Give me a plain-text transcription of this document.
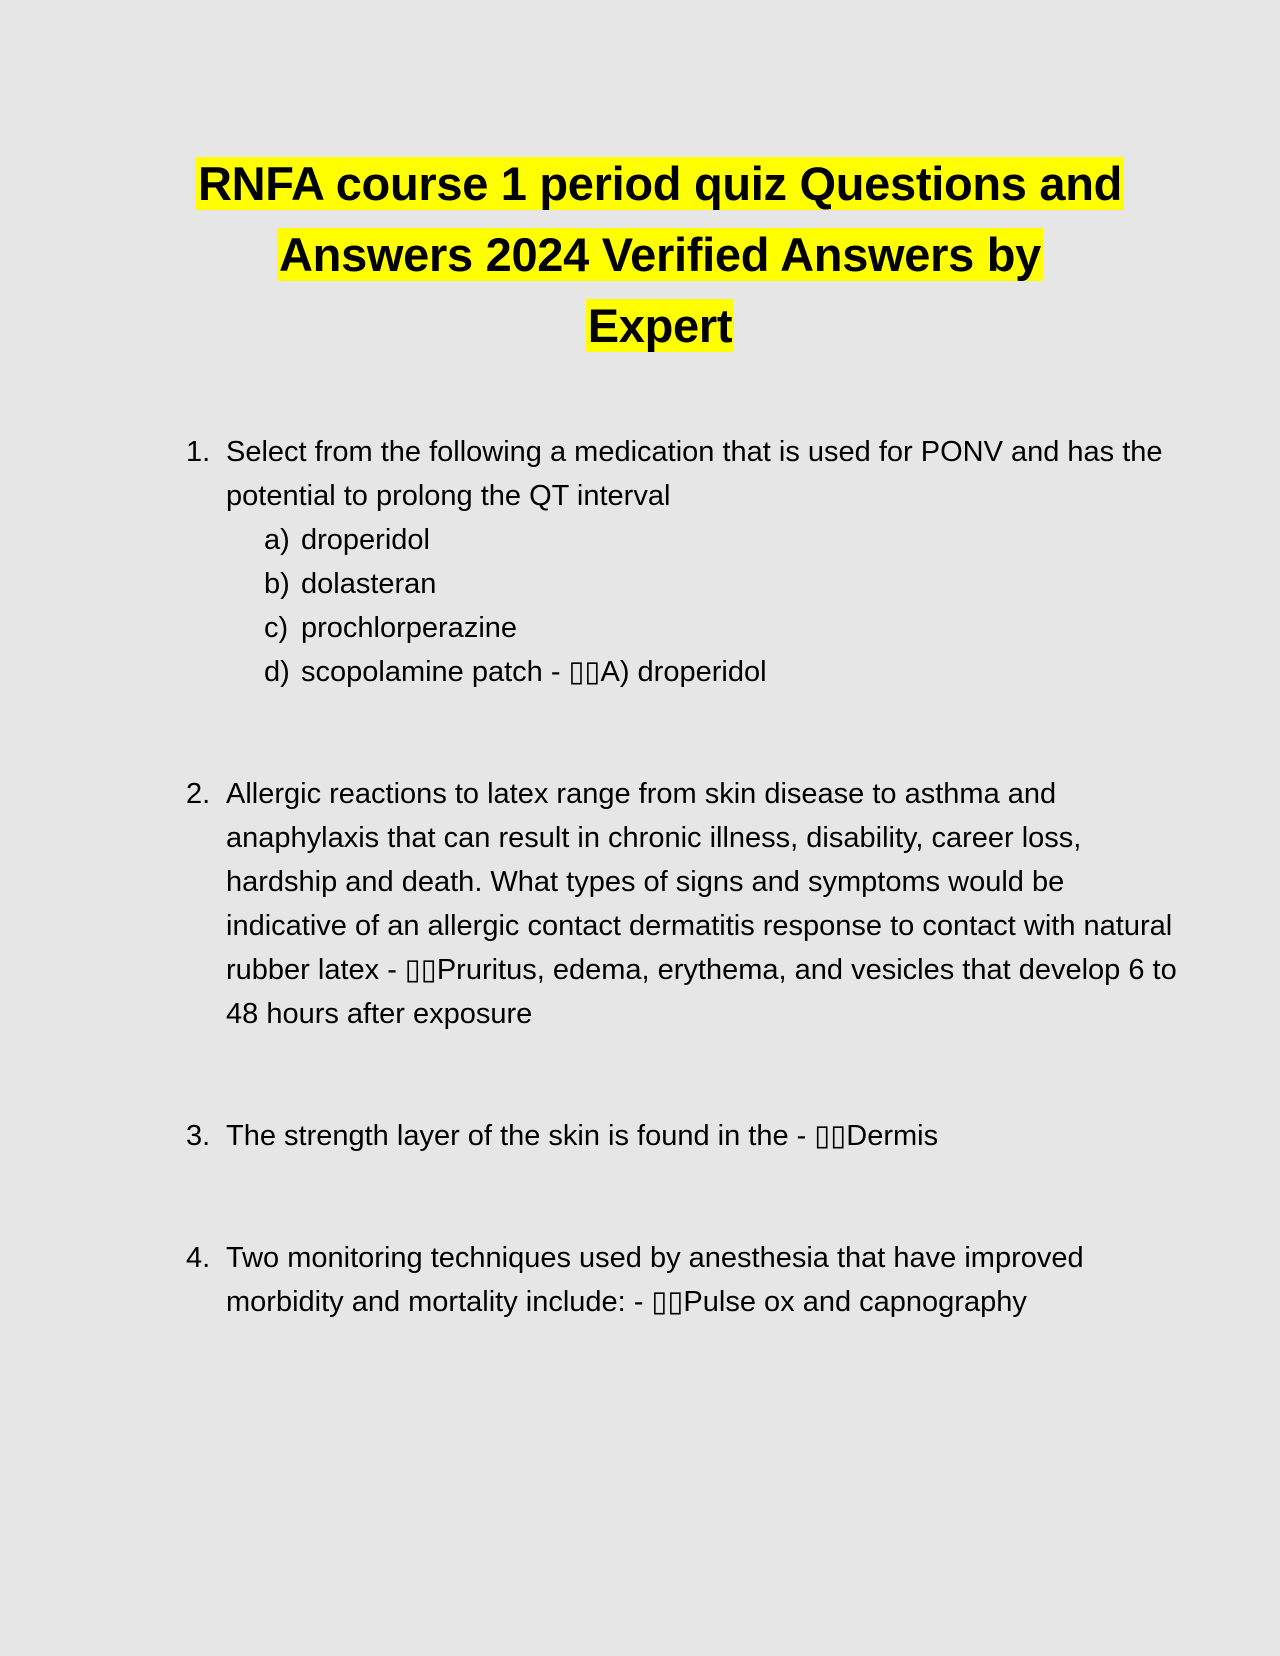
RNFA course 1 period quiz Questions and
Answers 2024 Verified Answers by
Expert
1. Select from the following a medication that is used for PONV and has the potential to prolong the QT interval
a) droperidol
b) dolasteran
c) prochlorperazine
d) scopolamine patch - ▯▯A) droperidol
2. Allergic reactions to latex range from skin disease to asthma and anaphylaxis that can result in chronic illness, disability, career loss, hardship and death. What types of signs and symptoms would be indicative of an allergic contact dermatitis response to contact with natural rubber latex - ▯▯Pruritus, edema, erythema, and vesicles that develop 6 to 48 hours after exposure
3. The strength layer of the skin is found in the - ▯▯Dermis
4. Two monitoring techniques used by anesthesia that have improved morbidity and mortality include: - ▯▯Pulse ox and capnography
